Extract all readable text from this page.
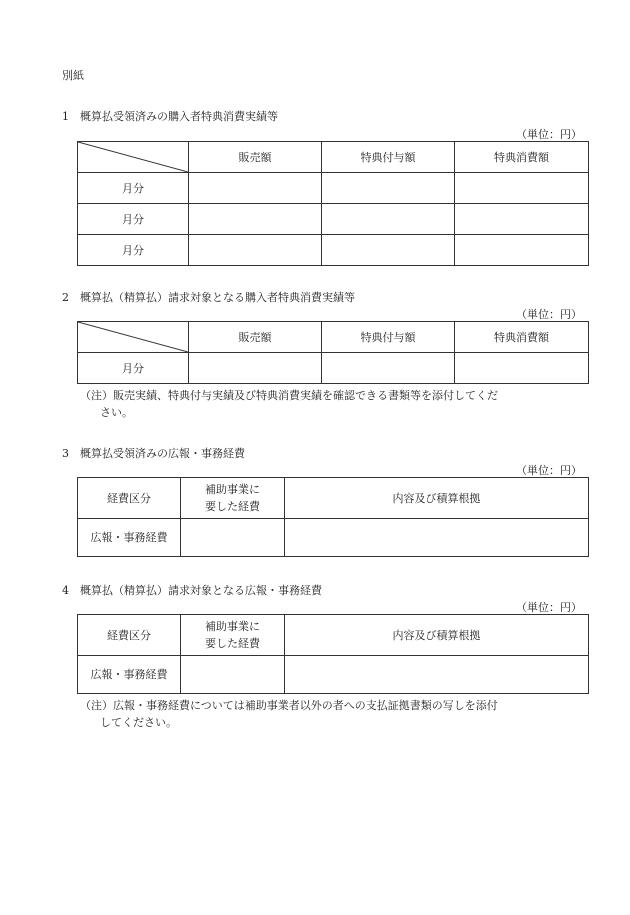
別紙
1　概算払受領済みの購入者特典消費実績等
（単位：円）
	販売額	特典付与額	特典消費額
月分			
月分			
月分			
2　概算払（精算払）請求対象となる購入者特典消費実績等
（単位：円）
	販売額	特典付与額	特典消費額
月分			
（注）販売実績、特典付与実績及び特典消費実績を確認できる書類等を添付してくだ
さい。
3　概算払受領済みの広報・事務経費
（単位：円）
経費区分	補助事業に
要した経費	内容及び積算根拠
広報・事務経費		
4　概算払（精算払）請求対象となる広報・事務経費
（単位：円）
経費区分	補助事業に
要した経費	内容及び積算根拠
広報・事務経費		
（注）広報・事務経費については補助事業者以外の者への支払証拠書類の写しを添付
してください。
